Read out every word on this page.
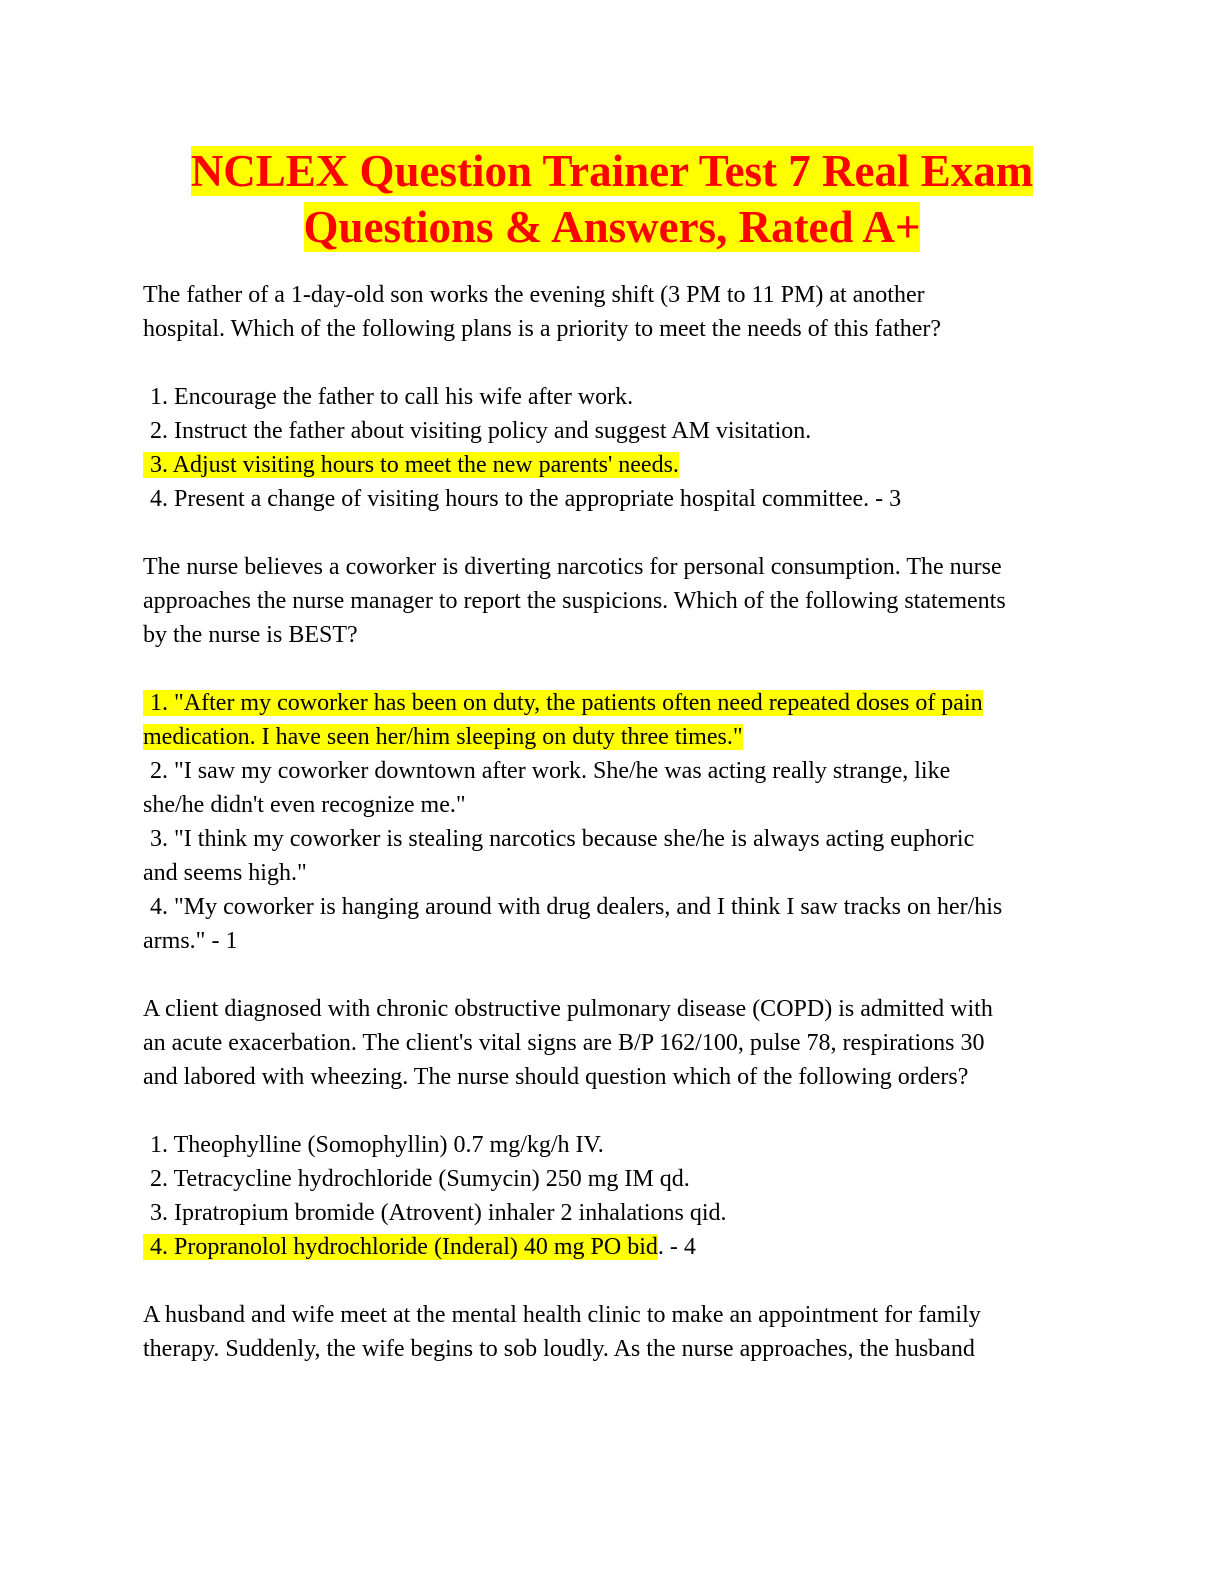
NCLEX Question Trainer Test 7 Real Exam
Questions & Answers, Rated A+
The father of a 1-day-old son works the evening shift (3 PM to 11 PM) at another
hospital. Which of the following plans is a priority to meet the needs of this father?
1. Encourage the father to call his wife after work.
2. Instruct the father about visiting policy and suggest AM visitation.
3. Adjust visiting hours to meet the new parents' needs.
4. Present a change of visiting hours to the appropriate hospital committee. - 3
The nurse believes a coworker is diverting narcotics for personal consumption. The nurse
approaches the nurse manager to report the suspicions. Which of the following statements
by the nurse is BEST?
1. "After my coworker has been on duty, the patients often need repeated doses of pain
medication. I have seen her/him sleeping on duty three times."
2. "I saw my coworker downtown after work. She/he was acting really strange, like
she/he didn't even recognize me."
3. "I think my coworker is stealing narcotics because she/he is always acting euphoric
and seems high."
4. "My coworker is hanging around with drug dealers, and I think I saw tracks on her/his
arms." - 1
A client diagnosed with chronic obstructive pulmonary disease (COPD) is admitted with
an acute exacerbation. The client's vital signs are B/P 162/100, pulse 78, respirations 30
and labored with wheezing. The nurse should question which of the following orders?
1. Theophylline (Somophyllin) 0.7 mg/kg/h IV.
2. Tetracycline hydrochloride (Sumycin) 250 mg IM qd.
3. Ipratropium bromide (Atrovent) inhaler 2 inhalations qid.
4. Propranolol hydrochloride (Inderal) 40 mg PO bid. - 4
A husband and wife meet at the mental health clinic to make an appointment for family
therapy. Suddenly, the wife begins to sob loudly. As the nurse approaches, the husband
